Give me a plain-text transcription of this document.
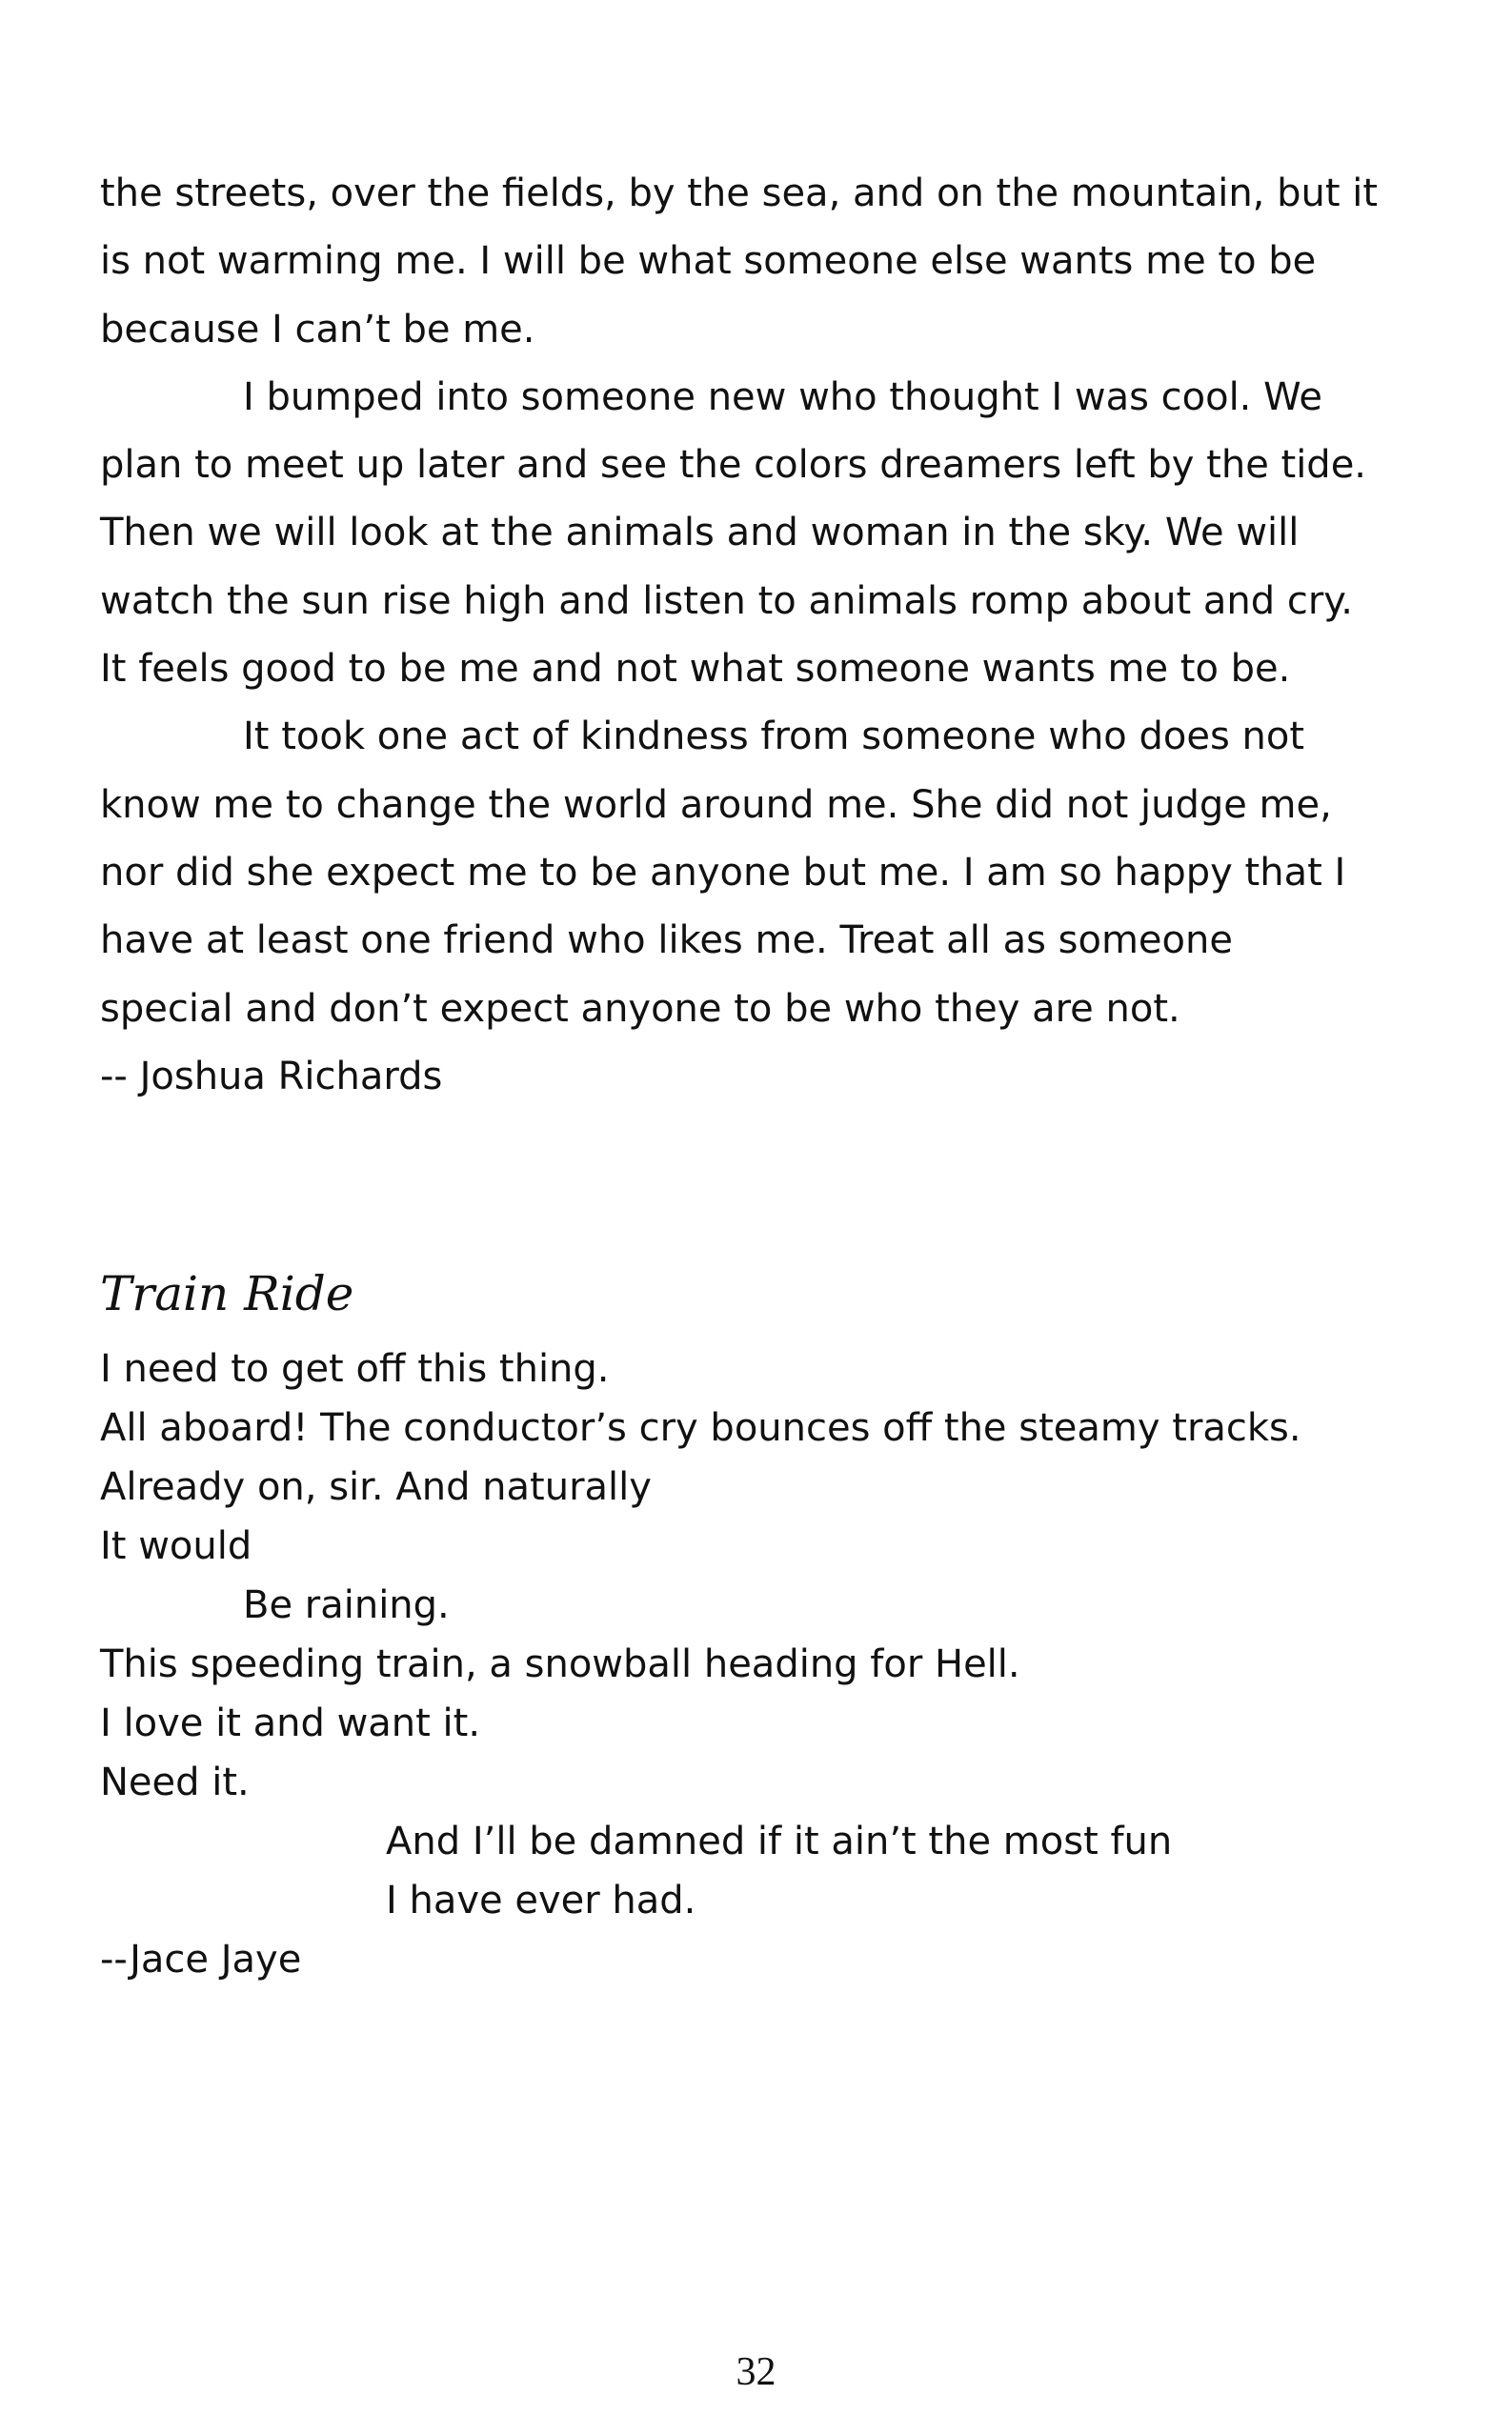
the streets, over the fields, by the sea, and on the mountain, but it

is not warming me. I will be what someone else wants me to be

because I can’t be me.

I bumped into someone new who thought I was cool. We

plan to meet up later and see the colors dreamers left by the tide.

Then we will look at the animals and woman in the sky. We will

watch the sun rise high and listen to animals romp about and cry.

It feels good to be me and not what someone wants me to be.

It took one act of kindness from someone who does not

know me to change the world around me. She did not judge me,

nor did she expect me to be anyone but me. I am so happy that I

have at least one friend who likes me. Treat all as someone

special and don’t expect anyone to be who they are not.

-- Joshua Richards

Train Ride

I need to get off this thing.

All aboard! The conductor’s cry bounces off the steamy tracks.

Already on, sir. And naturally

It would

Be raining.

This speeding train, a snowball heading for Hell.

I love it and want it.

Need it.

And I’ll be damned if it ain’t the most fun

I have ever had.

--Jace Jaye

32
